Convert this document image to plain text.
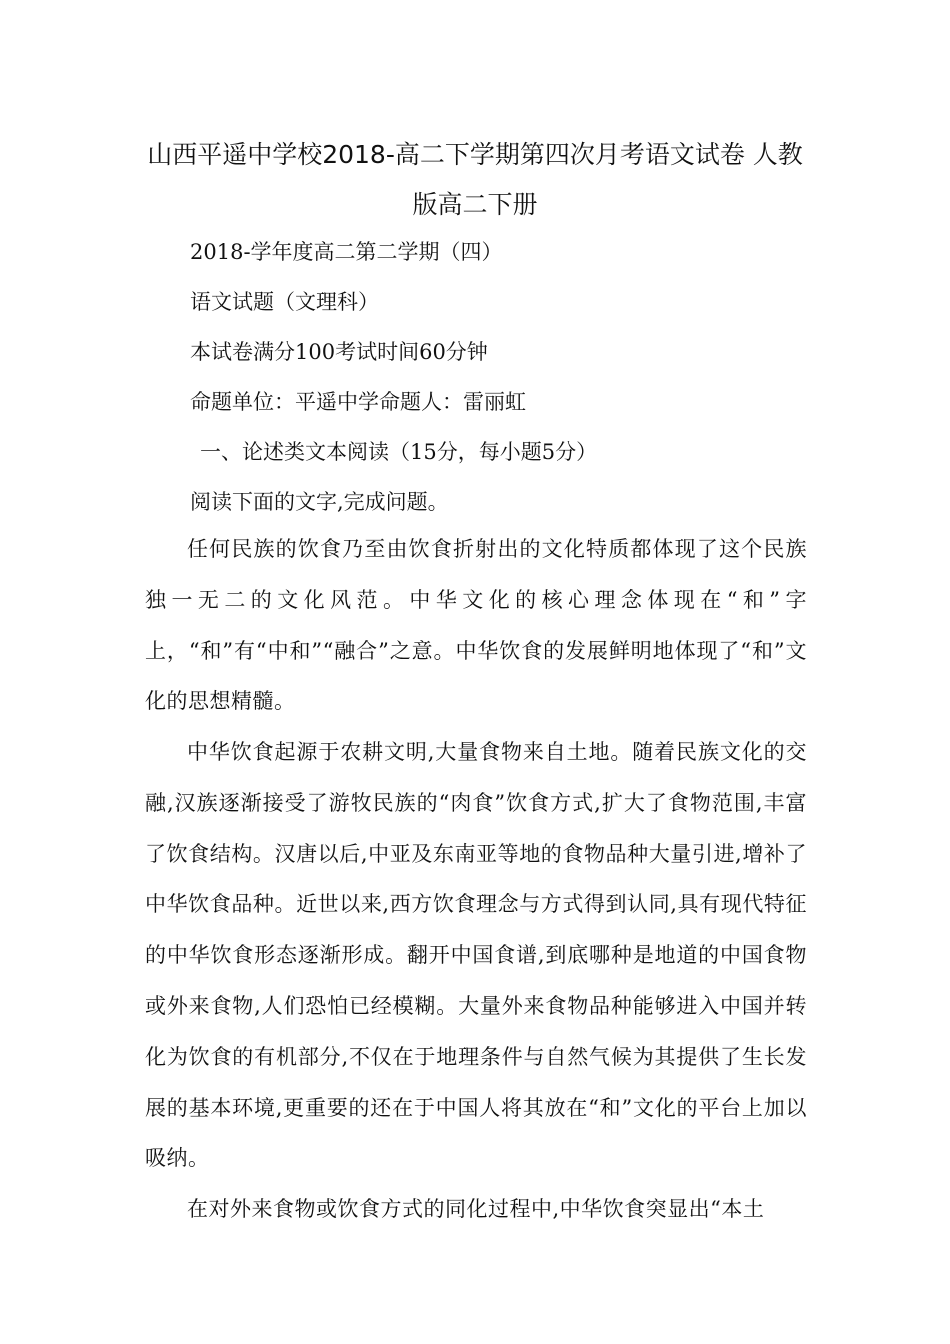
山西平遥中学校2018-高二下学期第四次月考语文试卷 人教版高二下册

2018-学年度高二第二学期（四）

语文试题（文理科）

本试卷满分100考试时间60分钟

命题单位：平遥中学命题人：雷丽虹

一、论述类文本阅读（15分，每小题5分）

阅读下面的文字,完成问题。

任何民族的饮食乃至由饮食折射出的文化特质都体现了这个民族独一无二的文化风范。中华文化的核心理念体现在“和”字上，“和”有“中和”“融合”之意。中华饮食的发展鲜明地体现了“和”文化的思想精髓。

中华饮食起源于农耕文明,大量食物来自土地。随着民族文化的交融,汉族逐渐接受了游牧民族的“肉食”饮食方式,扩大了食物范围,丰富了饮食结构。汉唐以后,中亚及东南亚等地的食物品种大量引进,增补了中华饮食品种。近世以来,西方饮食理念与方式得到认同,具有现代特征的中华饮食形态逐渐形成。翻开中国食谱,到底哪种是地道的中国食物或外来食物,人们恐怕已经模糊。大量外来食物品种能够进入中国并转化为饮食的有机部分,不仅在于地理条件与自然气候为其提供了生长发展的基本环境,更重要的还在于中国人将其放在“和”文化的平台上加以吸纳。

在对外来食物或饮食方式的同化过程中,中华饮食突显出“本土
